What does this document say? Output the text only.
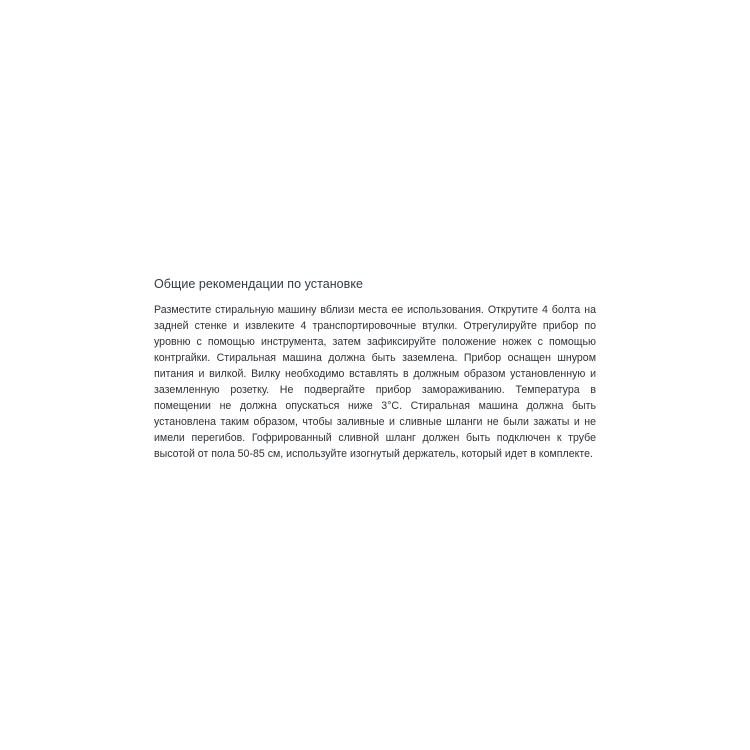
Общие рекомендации по установке

Разместите стиральную машину вблизи места ее использования. Открутите 4 болта на задней стенке и извлеките 4 транспортировочные втулки. Отрегулируйте прибор по уровню с помощью инструмента, затем зафиксируйте положение ножек с помощью контргайки. Стиральная машина должна быть заземлена. Прибор оснащен шнуром питания и вилкой. Вилку необходимо вставлять в должным образом установленную и заземленную розетку. Не подвергайте прибор замораживанию. Температура в помещении не должна опускаться ниже 3°C. Стиральная машина должна быть установлена таким образом, чтобы заливные и сливные шланги не были зажаты и не имели перегибов. Гофрированный сливной шланг должен быть подключен к трубе высотой от пола 50-85 см, используйте изогнутый держатель, который идет в комплекте.
